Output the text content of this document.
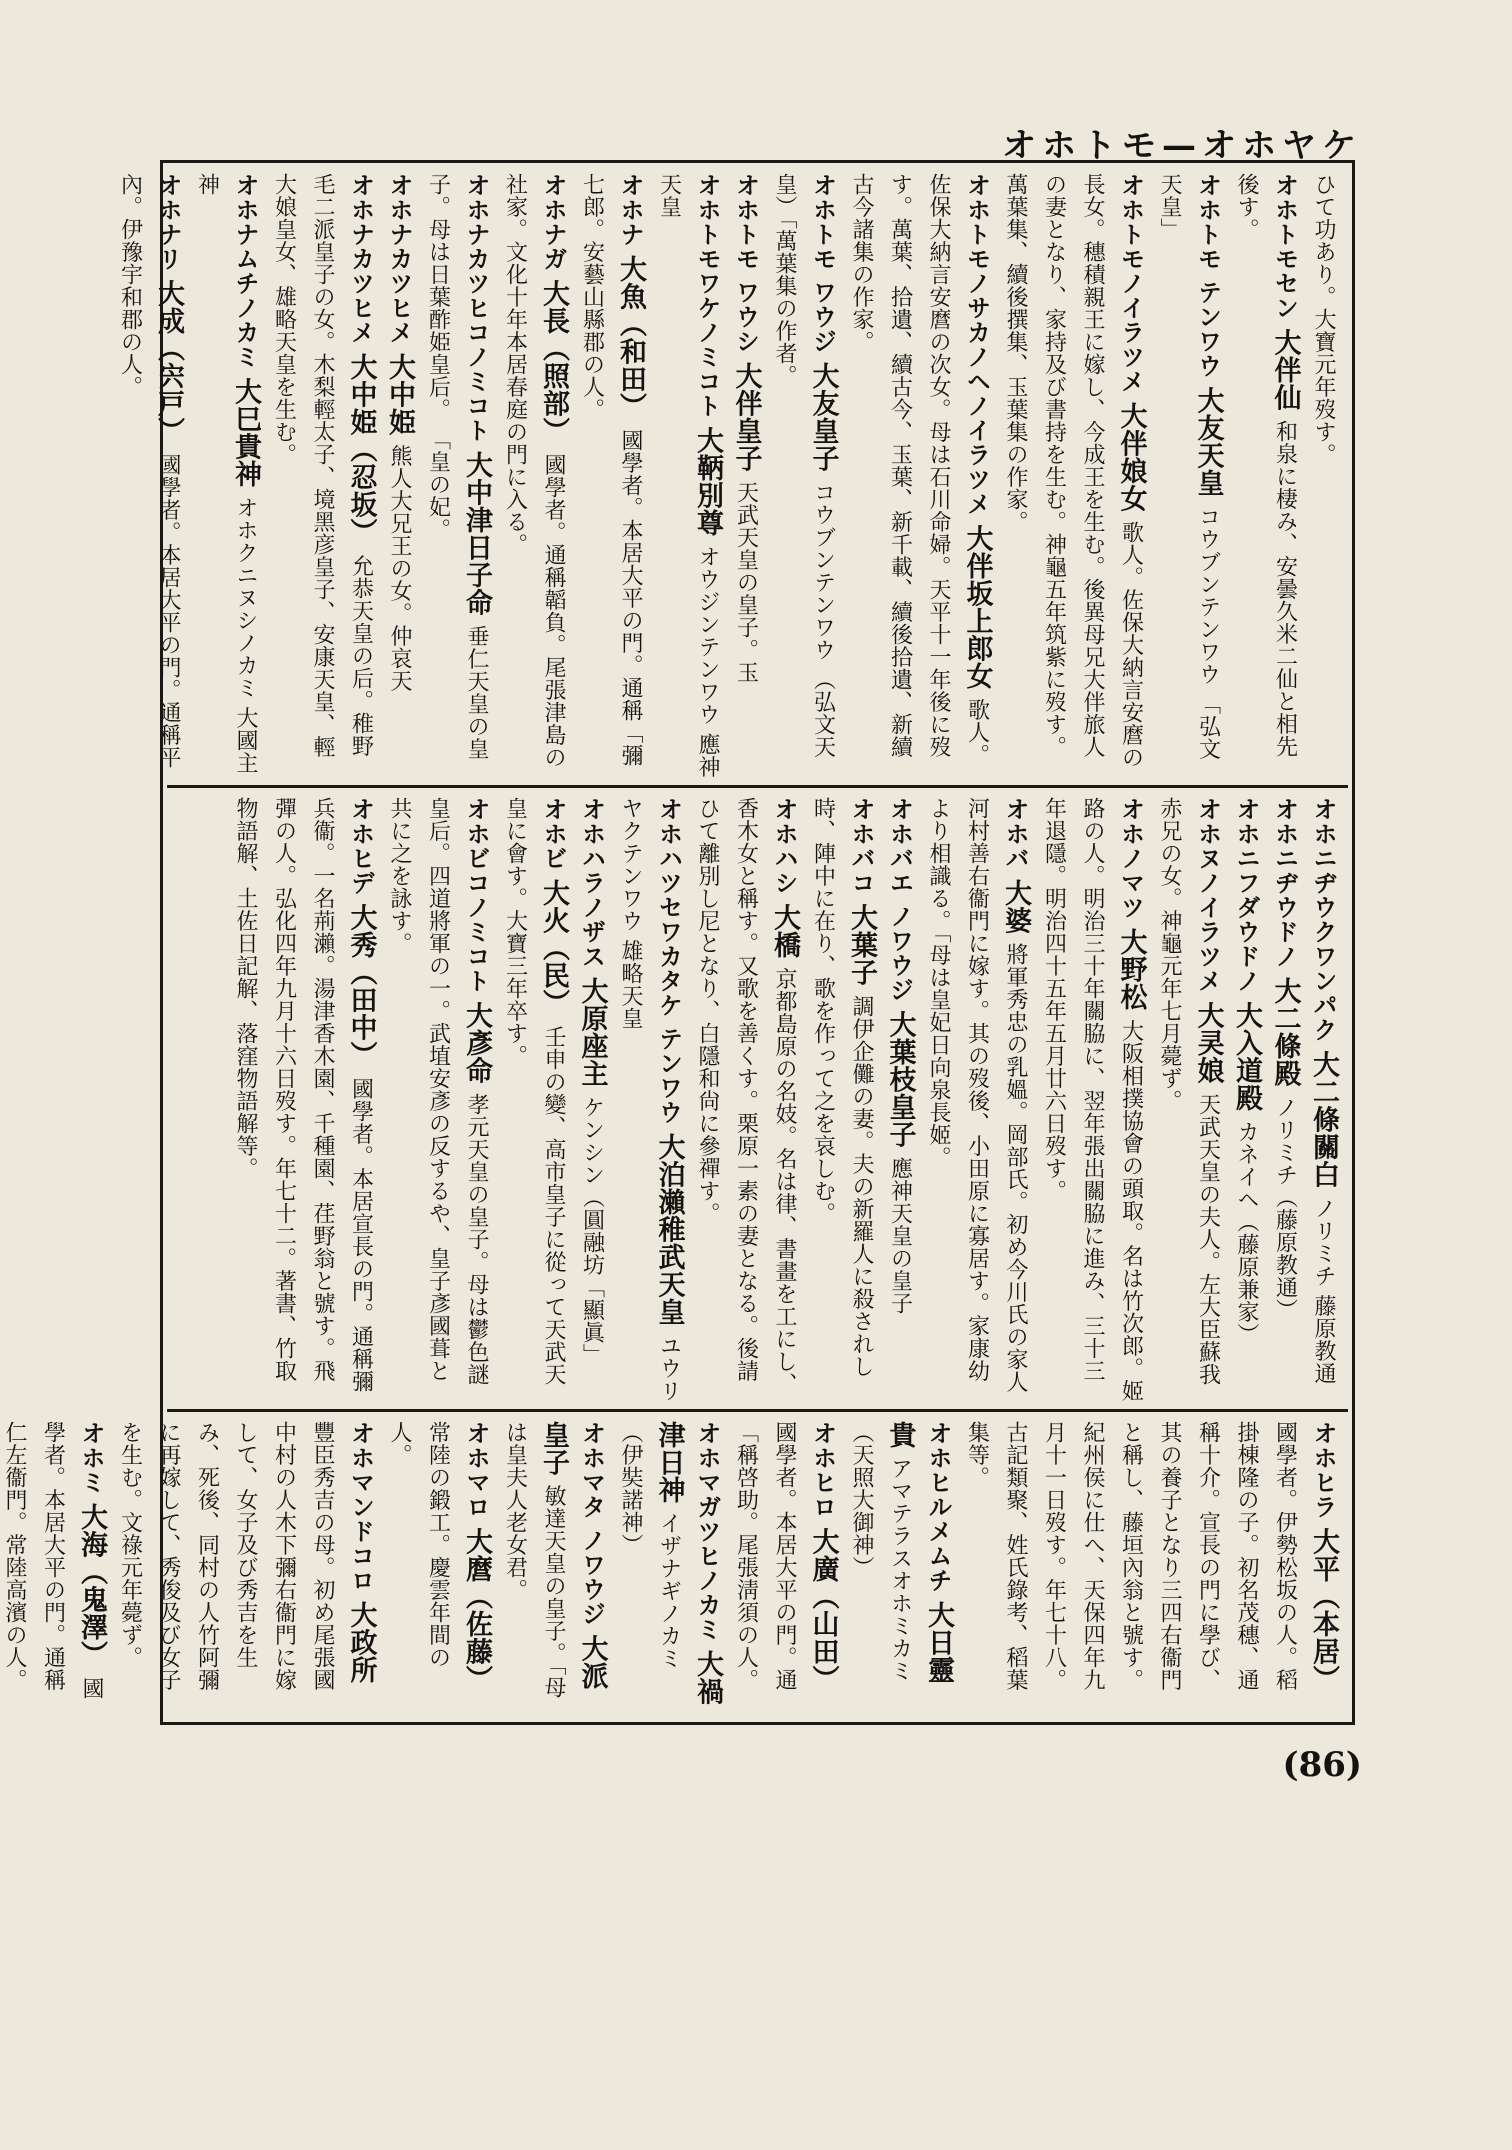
オホトモ—オホヤケ

ひて功あり。大寶元年歿す。

オホトモセン 大伴仙 和泉に棲み、安曇久米二仙と相先後す。

オホトモ テンワウ 大友天皇 コウブンテンワウ 「弘文天皇」

オホトモノイラツメ 大伴娘女 歌人。佐保大納言安麿の長女。穗積親王に嫁し、今成王を生む。後異母兄大伴旅人の妻となり、家持及び書持を生む。神龜五年筑紫に歿す。萬葉集、續後撰集、玉葉集の作家。

オホトモノサカノヘノイラツメ 大伴坂上郎女 歌人。佐保大納言安麿の次女。母は石川命婦。天平十一年後に歿す。萬葉、拾遺、續古今、玉葉、新千載、續後拾遺、新續古今諸集の作家。

オホトモ ワウジ 大友皇子 コウブンテンワウ （弘文天皇）「萬葉集の作者。

オホトモ ワウシ 大伴皇子 天武天皇の皇子。玉

オホトモワケノミコト 大鞆別尊 オウジンテンワウ 應神天皇

オホナ 大魚（和田） 國學者。本居大平の門。通稱「彌七郎。安藝山縣郡の人。

オホナガ 大長（照部） 國學者。通稱韜負。尾張津島の社家。文化十年本居春庭の門に入る。

オホナカツヒコノミコト 大中津日子命 垂仁天皇の皇子。母は日葉酢姫皇后。 「皇の妃。

オホナカツヒメ 大中姫 熊人大兄王の女。仲哀天

オホナカツヒメ 大中姫（忍坂） 允恭天皇の后。稚野毛二派皇子の女。木梨輕太子、境黑彦皇子、安康天皇、輕大娘皇女、雄略天皇を生む。

オホナムチノカミ 大巳貴神 オホクニヌシノカミ 大國主神

オホナリ 大成（宍戸） 國學者。本居大平の門。通稱平內。伊豫宇和郡の人。

オホニヂウクワンパク 大二條關白 ノリミチ 藤原教通

オホニヂウドノ 大二條殿 ノリミチ（藤原教通）

オホニフダウドノ 大入道殿 カネイヘ（藤原兼家）

オホヌノイラツメ 大㚑娘 天武天皇の夫人。左大臣蘇我赤兄の女。神龜元年七月薨ず。

オホノマツ 大野松 大阪相撲協會の頭取。名は竹次郎。姬路の人。明治三十年關脇に、翌年張出關脇に進み、三十三年退隱。明治四十五年五月廿六日歿す。

オホバ 大婆 將軍秀忠の乳媼。岡部氏。初め今川氏の家人河村善右衞門に嫁す。其の歿後、小田原に寡居す。家康幼より相識る。「母は皇妃日向泉長姬。

オホバエ ノワウジ 大葉枝皇子 應神天皇の皇子

オホバコ 大葉子 調伊企儺の妻。夫の新羅人に殺されし時、陣中に在り、歌を作って之を哀しむ。

オホハシ 大橋 京都島原の名妓。名は律、書畫を工にし、香木女と稱す。又歌を善くす。栗原一素の妻となる。後請ひて離別し尼となり、白隱和尙に參禪す。

オホハツセワカタケ テンワウ 大泊瀨稚武天皇 ユウリヤクテンワウ 雄略天皇

オホハラノザス 大原座主 ケンシン（圓融坊「顯眞」

オホビ 大火（民） 壬申の變、高市皇子に從って天武天皇に會す。大寶三年卒す。

オホビコノミコト 大彥命 孝元天皇の皇子。母は鬱色謎皇后。四道將軍の一。武埴安彥の反するや、皇子彥國葺と共に之を詠す。

オホヒデ 大秀（田中） 國學者。本居宣長の門。通稱彌兵衞。一名荊瀨。湯津香木園、千種園、荏野翁と號す。飛彈の人。弘化四年九月十六日歿す。年七十二。著書、竹取物語解、土佐日記解、落窪物語解等。

オホヒラ 大平（本居） 國學者。伊勢松坂の人。稻掛棟隆の子。初名茂穗、通稱十介。宣長の門に學び、其の養子となり三四右衞門と稱し、藤垣內翁と號す。紀州侯に仕へ、天保四年九月十一日歿す。年七十八。古記類聚、姓氏錄考、稻葉集等。

オホヒルメムチ 大日靈貴 アマテラスオホミカミ（天照大御神）

オホヒロ 大廣（山田） 國學者。本居大平の門。通「稱啓助。尾張淸須の人。

オホマガツヒノカミ 大禍津日神 イザナギノカミ（伊奘諾神）

オホマタ ノワウジ 大派皇子 敏達天皇の皇子。「母は皇夫人老女君。

オホマロ 大麿（佐藤） 常陸の鍛工。慶雲年間の人。

オホマンドコロ 大政所 豐臣秀吉の母。初め尾張國中村の人木下彌右衞門に嫁して、女子及び秀吉を生み、死後、同村の人竹阿彌に再嫁して、秀俊及び女子を生む。文祿元年薨ず。

オホミ 大海（鬼澤） 國學者。本居大平の門。通稱仁左衞門。常陸高濱の人。

(86)
